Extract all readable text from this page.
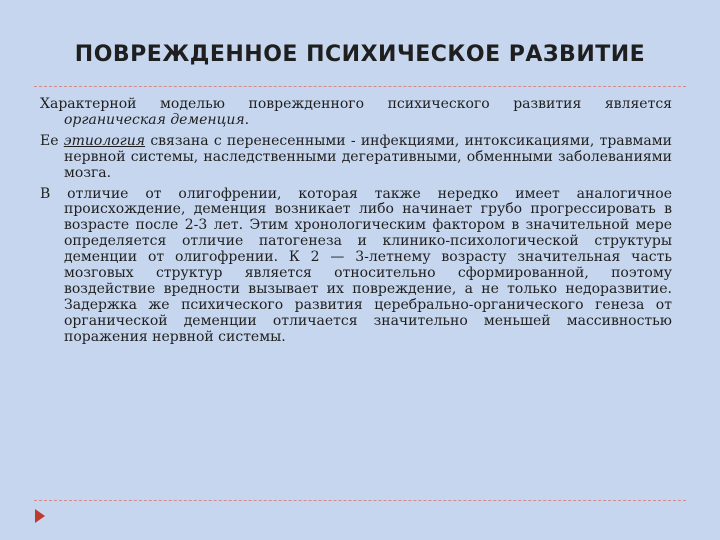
ПОВРЕЖДЕННОЕ ПСИХИЧЕСКОЕ РАЗВИТИЕ

Характерной моделью поврежденного психического развития является органическая деменция.

Ее этиология связана с перенесенными - инфекциями, интоксикациями, травмами нервной системы, наследственными дегеративными, обменными заболеваниями мозга.

В отличие от олигофрении, которая также нередко имеет аналогичное происхождение, деменция возникает либо начинает грубо прогрессировать в возрасте после 2-3 лет. Этим хронологическим фактором в значительной мере определяется отличие патогенеза и клинико-психологической структуры деменции от олигофрении. К 2 — 3-летнему возрасту значительная часть мозговых структур является относительно сформированной, поэтому воздействие вредности вызывает их повреждение, а не только недоразвитие. Задержка же психического развития церебрально-органического генеза от органической деменции отличается значительно меньшей массивностью поражения нервной системы.
